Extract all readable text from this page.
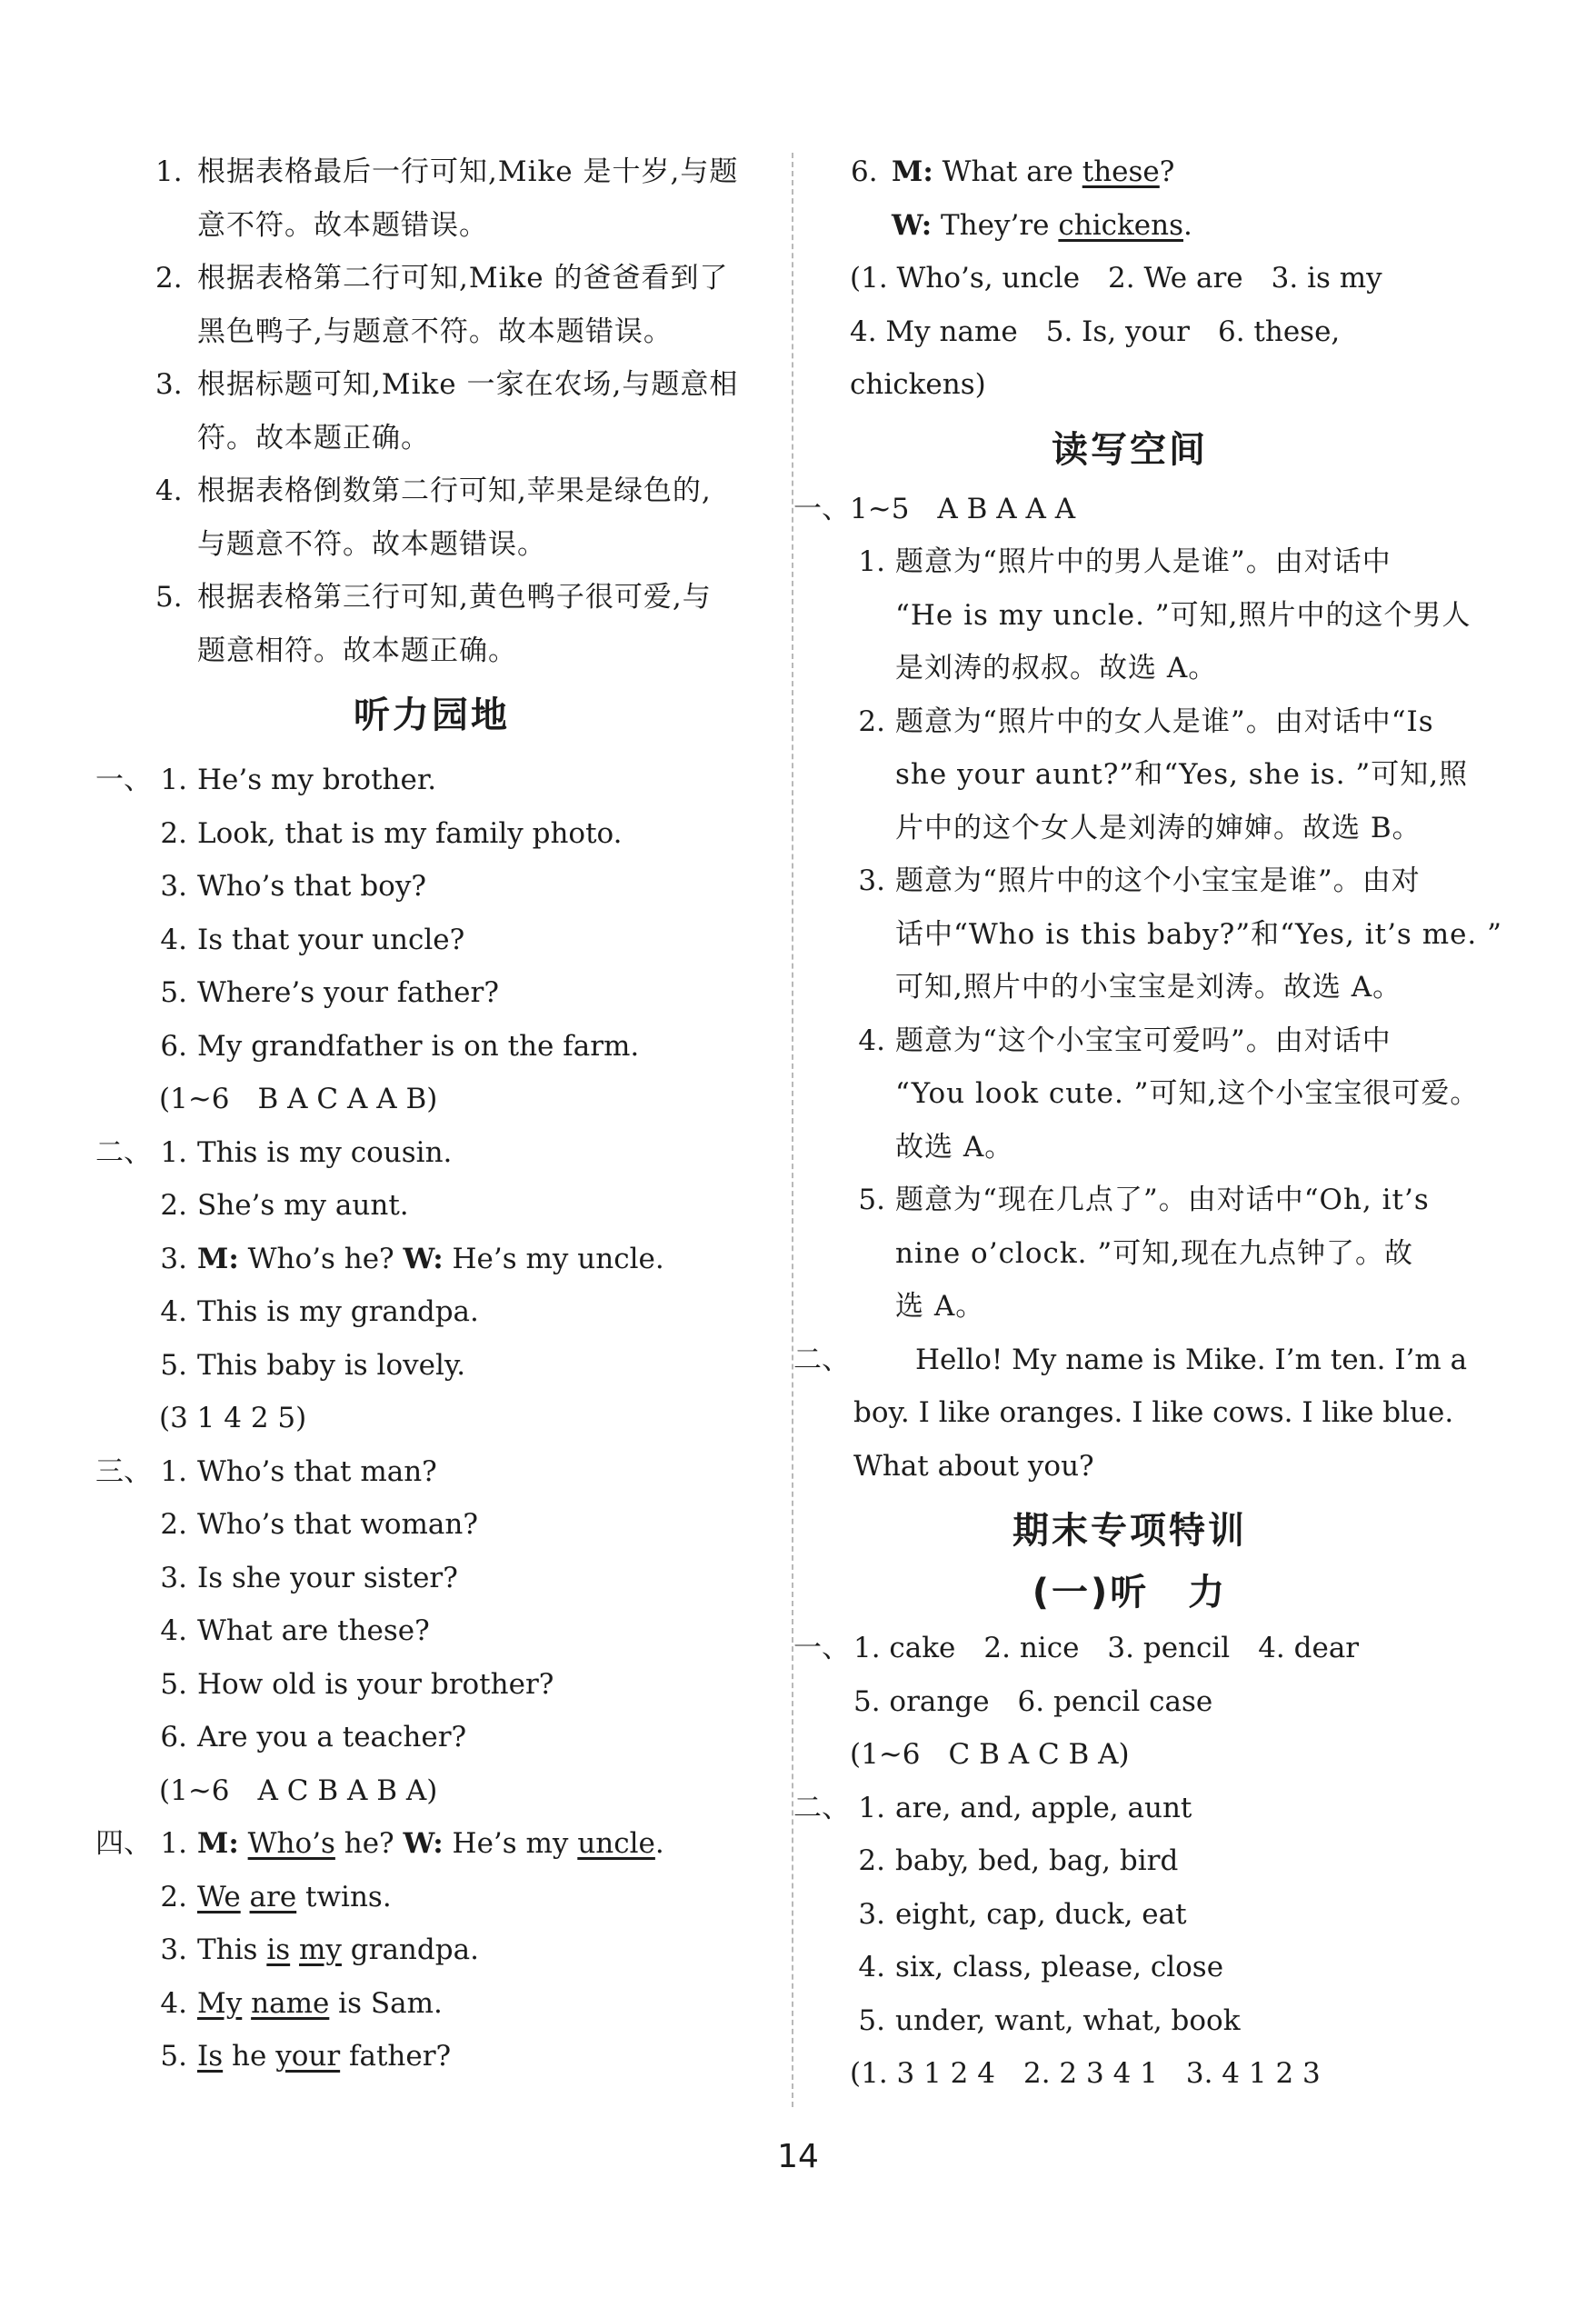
1. 根据表格最后一行可知,Mike 是十岁,与题
意不符。故本题错误。
2. 根据表格第二行可知,Mike 的爸爸看到了
黑色鸭子,与题意不符。故本题错误。
3. 根据标题可知,Mike 一家在农场,与题意相
符。故本题正确。
4. 根据表格倒数第二行可知,苹果是绿色的,
与题意不符。故本题错误。
5. 根据表格第三行可知,黄色鸭子很可爱,与
题意相符。故本题正确。
听力园地
一、 1. He’s my brother.
2. Look, that is my family photo.
3. Who’s that boy?
4. Is that your uncle?
5. Where’s your father?
6. My grandfather is on the farm.
(1~6　B A C A A B)
二、 1. This is my cousin.
2. She’s my aunt.
3. M: Who’s he? W: He’s my uncle.
4. This is my grandpa.
5. This baby is lovely.
(3 1 4 2 5)
三、 1. Who’s that man?
2. Who’s that woman?
3. Is she your sister?
4. What are these?
5. How old is your brother?
6. Are you a teacher?
(1~6　A C B A B A)
四、 1. M: Who’s he? W: He’s my uncle.
2. We are twins.
3. This is my grandpa.
4. My name is Sam.
5. Is he your father?
6. M: What are these?
W: They’re chickens.
(1. Who’s, uncle　2. We are　3. is my
4. My name　5. Is, your　6. these,
chickens)
读写空间
一、 1~5　A B A A A
1. 题意为“照片中的男人是谁”。由对话中
“He is my uncle. ”可知,照片中的这个男人
是刘涛的叔叔。故选 A。
2. 题意为“照片中的女人是谁”。由对话中“Is
she your aunt?”和“Yes, she is. ”可知,照
片中的这个女人是刘涛的婶婶。故选 B。
3. 题意为“照片中的这个小宝宝是谁”。由对
话中“Who is this baby?”和“Yes, it’s me. ”
可知,照片中的小宝宝是刘涛。故选 A。
4. 题意为“这个小宝宝可爱吗”。由对话中
“You look cute. ”可知,这个小宝宝很可爱。
故选 A。
5. 题意为“现在几点了”。由对话中“Oh, it’s
nine o’clock. ”可知,现在九点钟了。故
选 A。
二、 Hello! My name is Mike. I’m ten. I’m a
boy. I like oranges. I like cows. I like blue.
What about you?
期末专项特训
(一)听　力
一、 1. cake　2. nice　3. pencil　4. dear
5. orange　6. pencil case
(1~6　C B A C B A)
二、 1. are, and, apple, aunt
2. baby, bed, bag, bird
3. eight, cap, duck, eat
4. six, class, please, close
5. under, want, what, book
(1. 3 1 2 4　2. 2 3 4 1　3. 4 1 2 3
14
